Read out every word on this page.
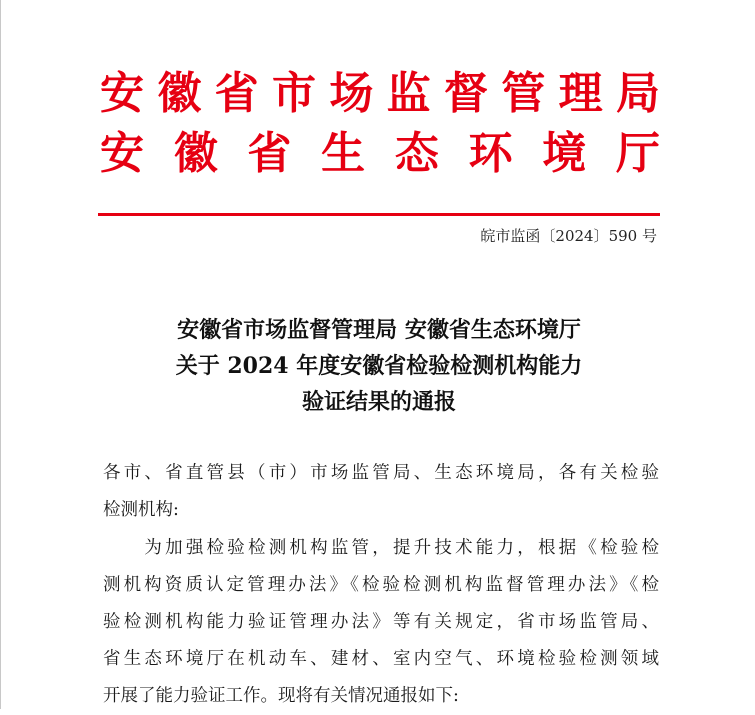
安徽省市场监督管理局
安徽省生态环境厅
皖市监函〔2024〕590 号
安徽省市场监督管理局 安徽省生态环境厅
关于 2024 年度安徽省检验检测机构能力
验证结果的通报
各市、省直管县（市）市场监管局、生态环境局，各有关检验
检测机构:
　　为加强检验检测机构监管，提升技术能力，根据《检验检
测机构资质认定管理办法》《检验检测机构监督管理办法》《检
验检测机构能力验证管理办法》等有关规定，省市场监管局、
省生态环境厅在机动车、建材、室内空气、环境检验检测领域
开展了能力验证工作。现将有关情况通报如下:
